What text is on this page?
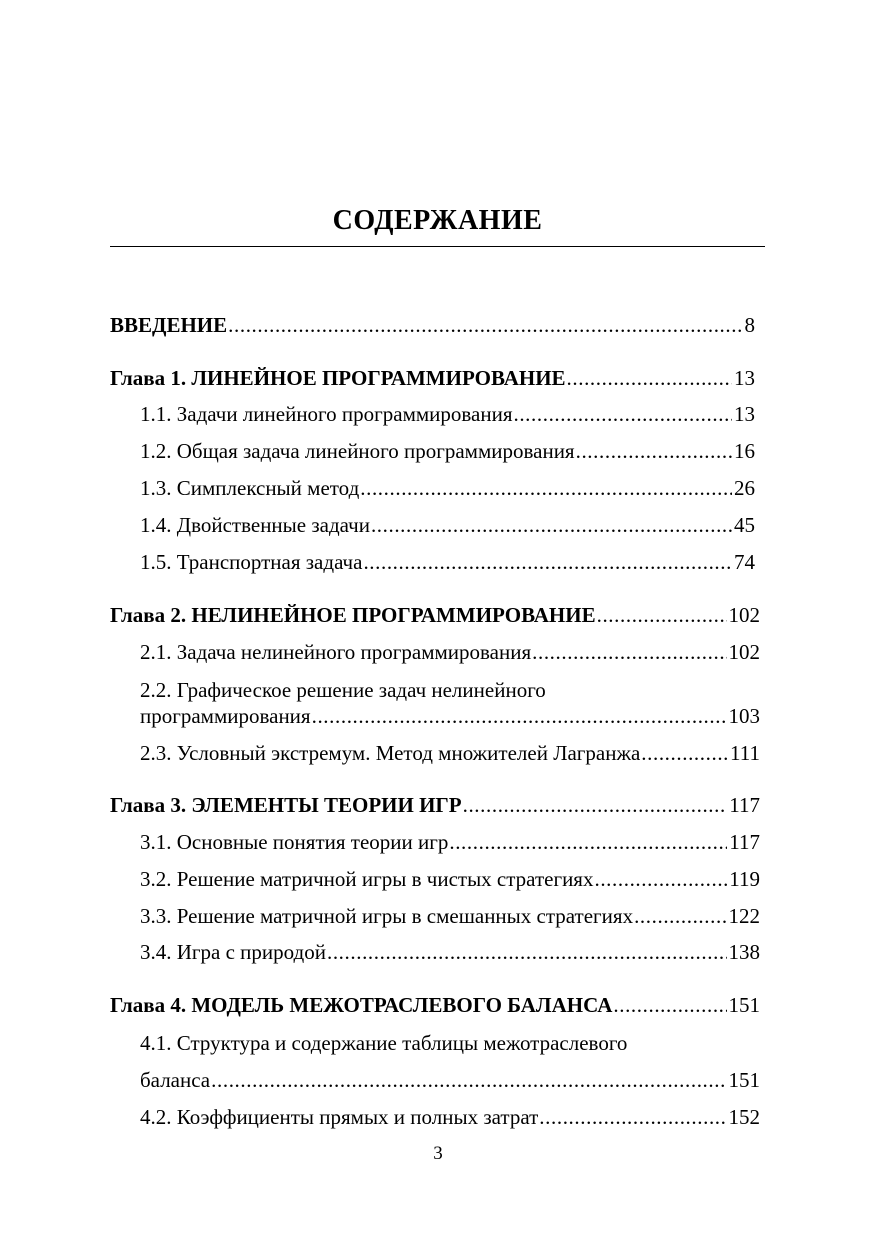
СОДЕРЖАНИЕ
ВВЕДЕНИЕ .....	8
Глава 1. ЛИНЕЙНОЕ ПРОГРАММИРОВАНИЕ .....	13
1.1. Задачи линейного программирования .....	13
1.2. Общая задача линейного программирования .....	16
1.3. Симплексный метод .....	26
1.4. Двойственные задачи .....	45
1.5. Транспортная задача .....	74
Глава 2. НЕЛИНЕЙНОЕ ПРОГРАММИРОВАНИЕ .....	102
2.1. Задача нелинейного программирования .....	102
2.2. Графическое решение задач нелинейного
программирования .....	103
2.3. Условный экстремум. Метод множителей Лагранжа .....	111
Глава 3. ЭЛЕМЕНТЫ ТЕОРИИ ИГР .....	117
3.1. Основные понятия теории игр .....	117
3.2. Решение матричной игры в чистых стратегиях .....	119
3.3. Решение матричной игры в смешанных стратегиях .....	122
3.4. Игра с природой .....	138
Глава 4. МОДЕЛЬ МЕЖОТРАСЛЕВОГО БАЛАНСА .....	151
4.1. Структура и содержание таблицы межотраслевого
баланса .....	151
4.2. Коэффициенты прямых и полных затрат .....	152
3
